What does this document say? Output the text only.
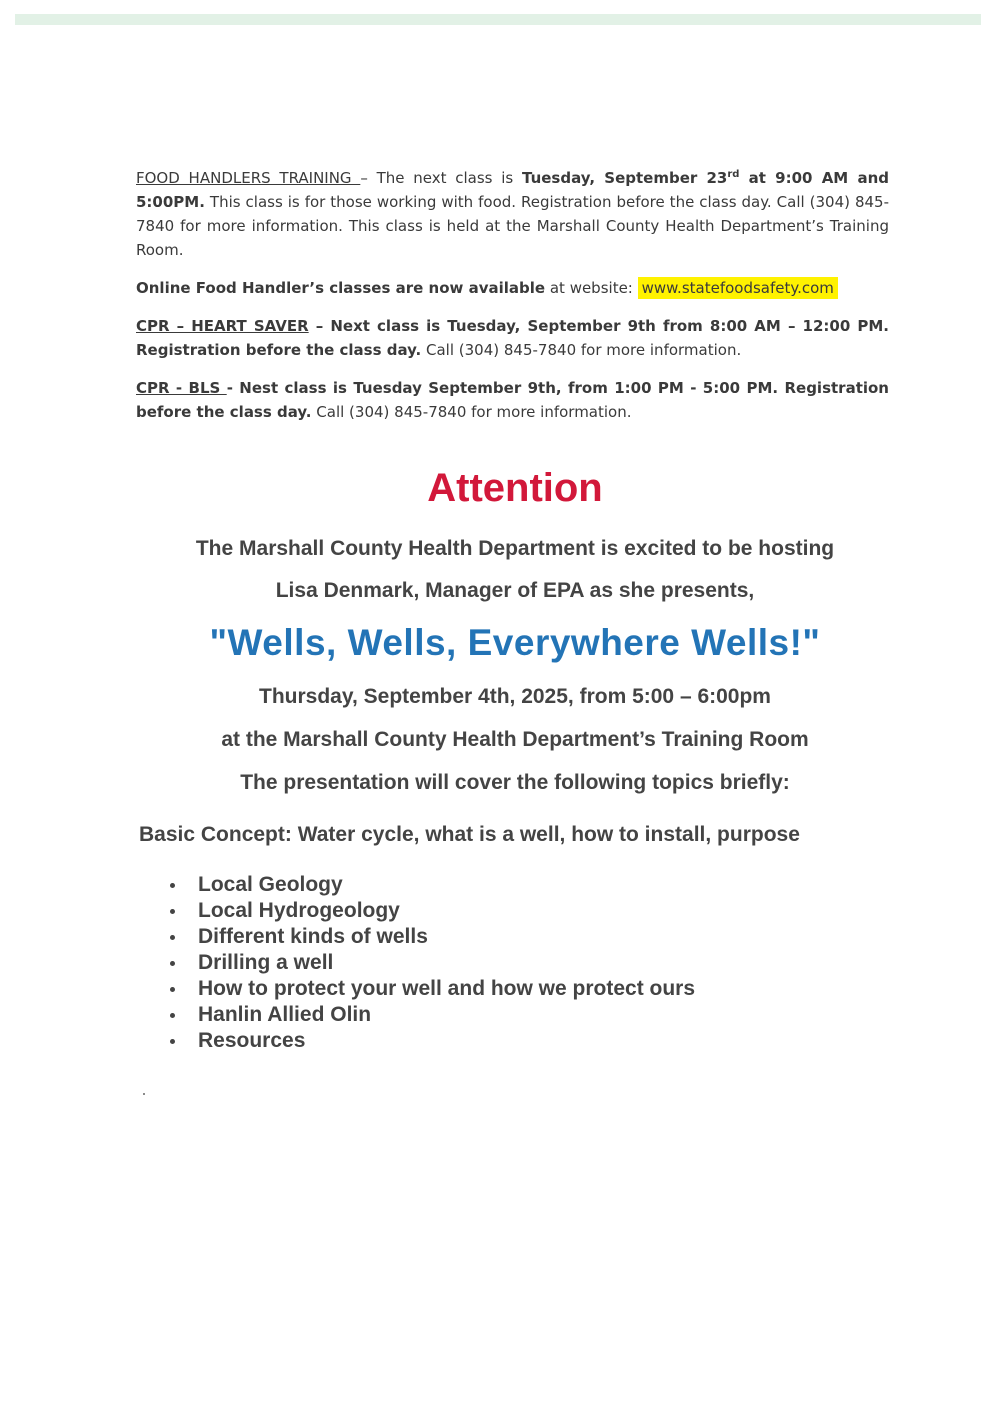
FOOD HANDLERS TRAINING – The next class is Tuesday, September 23rd at 9:00 AM and 5:00PM. This class is for those working with food. Registration before the class day. Call (304) 845-7840 for more information. This class is held at the Marshall County Health Department’s Training Room.

Online Food Handler’s classes are now available at website: www.statefoodsafety.com

CPR – HEART SAVER – Next class is Tuesday, September 9th from 8:00 AM – 12:00 PM. Registration before the class day. Call (304) 845-7840 for more information.

CPR - BLS - Nest class is Tuesday September 9th, from 1:00 PM - 5:00 PM. Registration before the class day. Call (304) 845-7840 for more information.

Attention
The Marshall County Health Department is excited to be hosting
Lisa Denmark, Manager of EPA as she presents,
"Wells, Wells, Everywhere Wells!"
Thursday, September 4th, 2025, from 5:00 – 6:00pm
at the Marshall County Health Department’s Training Room
The presentation will cover the following topics briefly:
Basic Concept: Water cycle, what is a well, how to install, purpose
Local Geology
Local Hydrogeology
Different kinds of wells
Drilling a well
How to protect your well and how we protect ours
Hanlin Allied Olin
Resources
